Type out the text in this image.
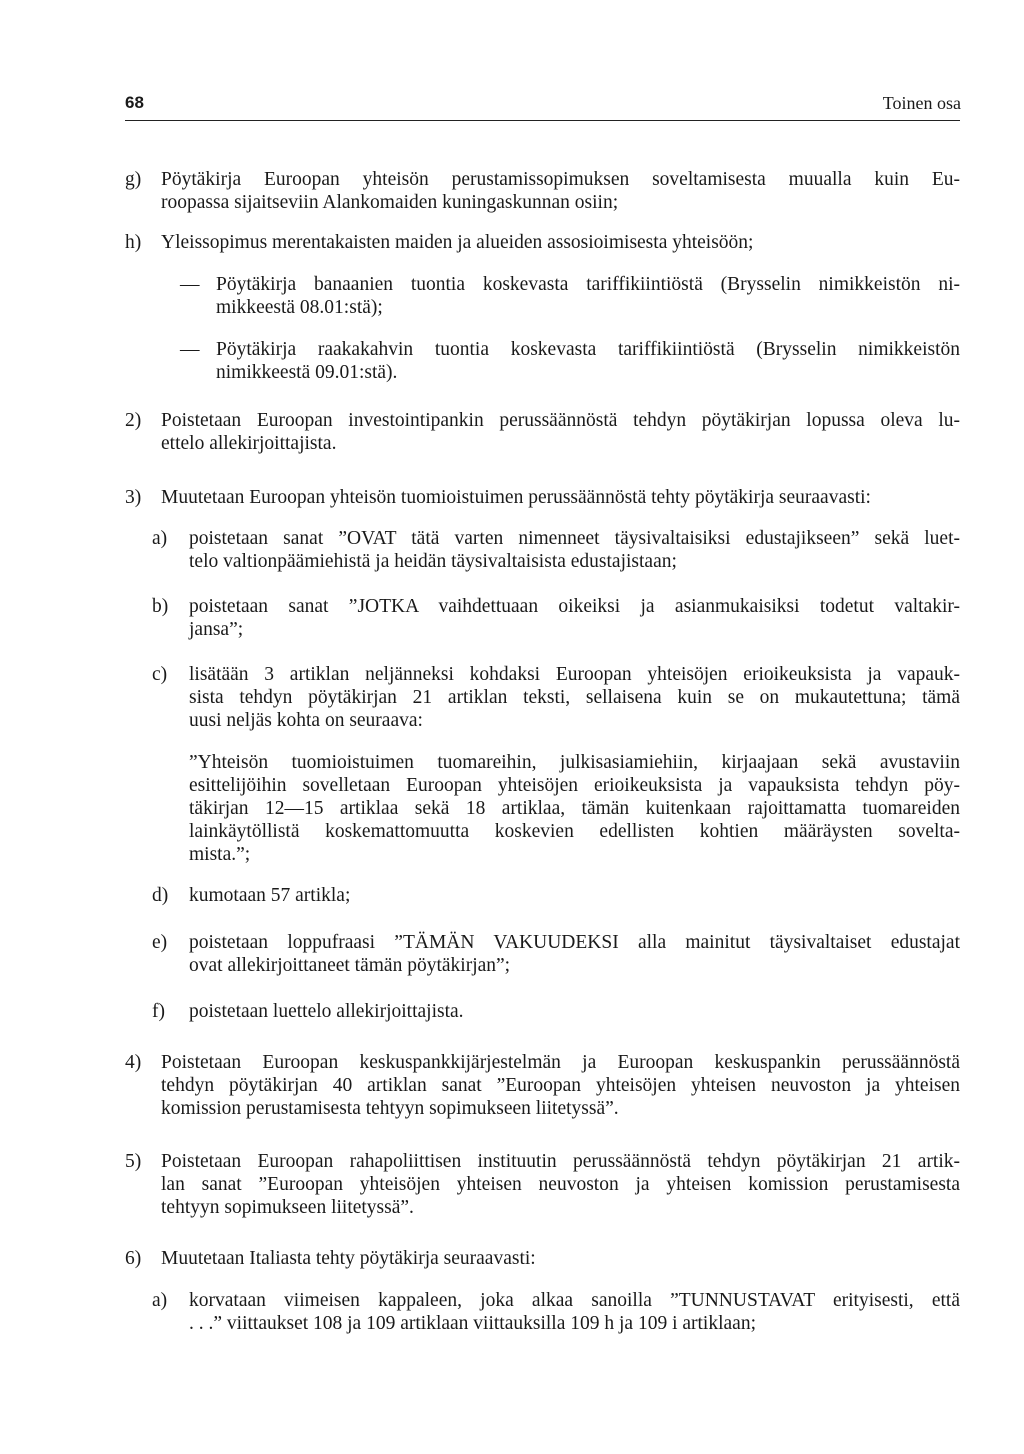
68	Toinen osa
g) Pöytäkirja Euroopan yhteisön perustamissopimuksen soveltamisesta muualla kuin Eu-
roopassa sijaitseviin Alankomaiden kuningaskunnan osiin;
h) Yleissopimus merentakaisten maiden ja alueiden assosioimisesta yhteisöön;
— Pöytäkirja banaanien tuontia koskevasta tariffikiintiöstä (Brysselin nimikkeistön ni-
mikkeestä 08.01:stä);
— Pöytäkirja raakakahvin tuontia koskevasta tariffikiintiöstä (Brysselin nimikkeistön
nimikkeestä 09.01:stä).
2) Poistetaan Euroopan investointipankin perussäännöstä tehdyn pöytäkirjan lopussa oleva lu-
ettelo allekirjoittajista.
3) Muutetaan Euroopan yhteisön tuomioistuimen perussäännöstä tehty pöytäkirja seuraavasti:
a) poistetaan sanat ”OVAT tätä varten nimenneet täysivaltaisiksi edustajikseen” sekä luet-
telo valtionpäämiehistä ja heidän täysivaltaisista edustajistaan;
b) poistetaan sanat ”JOTKA vaihdettuaan oikeiksi ja asianmukaisiksi todetut valtakir-
jansa”;
c) lisätään 3 artiklan neljänneksi kohdaksi Euroopan yhteisöjen erioikeuksista ja vapauk-
sista tehdyn pöytäkirjan 21 artiklan teksti, sellaisena kuin se on mukautettuna; tämä
uusi neljäs kohta on seuraava:
”Yhteisön tuomioistuimen tuomareihin, julkisasiamiehiin, kirjaajaan sekä avustaviin
esittelijöihin sovelletaan Euroopan yhteisöjen erioikeuksista ja vapauksista tehdyn pöy-
täkirjan 12—15 artiklaa sekä 18 artiklaa, tämän kuitenkaan rajoittamatta tuomareiden
lainkäytöllistä koskemattomuutta koskevien edellisten kohtien määräysten sovelta-
mista.”;
d) kumotaan 57 artikla;
e) poistetaan loppufraasi ”TÄMÄN VAKUUDEKSI alla mainitut täysivaltaiset edustajat
ovat allekirjoittaneet tämän pöytäkirjan”;
f) poistetaan luettelo allekirjoittajista.
4) Poistetaan Euroopan keskuspankkijärjestelmän ja Euroopan keskuspankin perussäännöstä
tehdyn pöytäkirjan 40 artiklan sanat ”Euroopan yhteisöjen yhteisen neuvoston ja yhteisen
komission perustamisesta tehtyyn sopimukseen liitetyssä”.
5) Poistetaan Euroopan rahapoliittisen instituutin perussäännöstä tehdyn pöytäkirjan 21 artik-
lan sanat ”Euroopan yhteisöjen yhteisen neuvoston ja yhteisen komission perustamisesta
tehtyyn sopimukseen liitetyssä”.
6) Muutetaan Italiasta tehty pöytäkirja seuraavasti:
a) korvataan viimeisen kappaleen, joka alkaa sanoilla ”TUNNUSTAVAT erityisesti, että
. . .” viittaukset 108 ja 109 artiklaan viittauksilla 109 h ja 109 i artiklaan;
